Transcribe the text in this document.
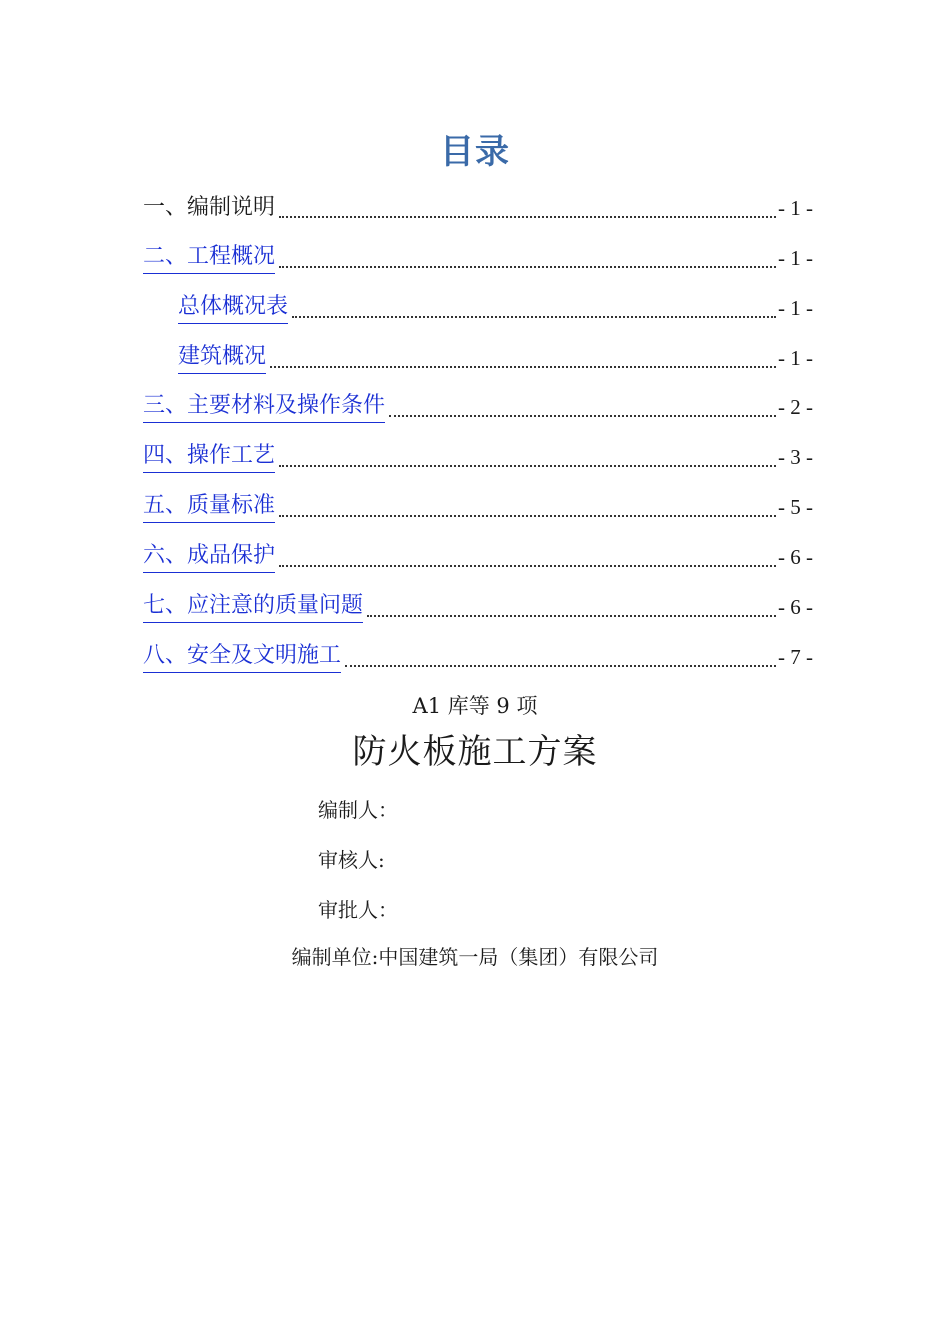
目录
一、编制说明	- 1 -
二、工程概况	- 1 -
总体概况表	- 1 -
建筑概况	- 1 -
三、主要材料及操作条件	- 2 -
四、操作工艺	- 3 -
五、质量标准	- 5 -
六、成品保护	- 6 -
七、应注意的质量问题	- 6 -
八、安全及文明施工	- 7 -
A1 库等 9 项
防火板施工方案
编制人：
审核人:
审批人：
编制单位:中国建筑一局（集团）有限公司
